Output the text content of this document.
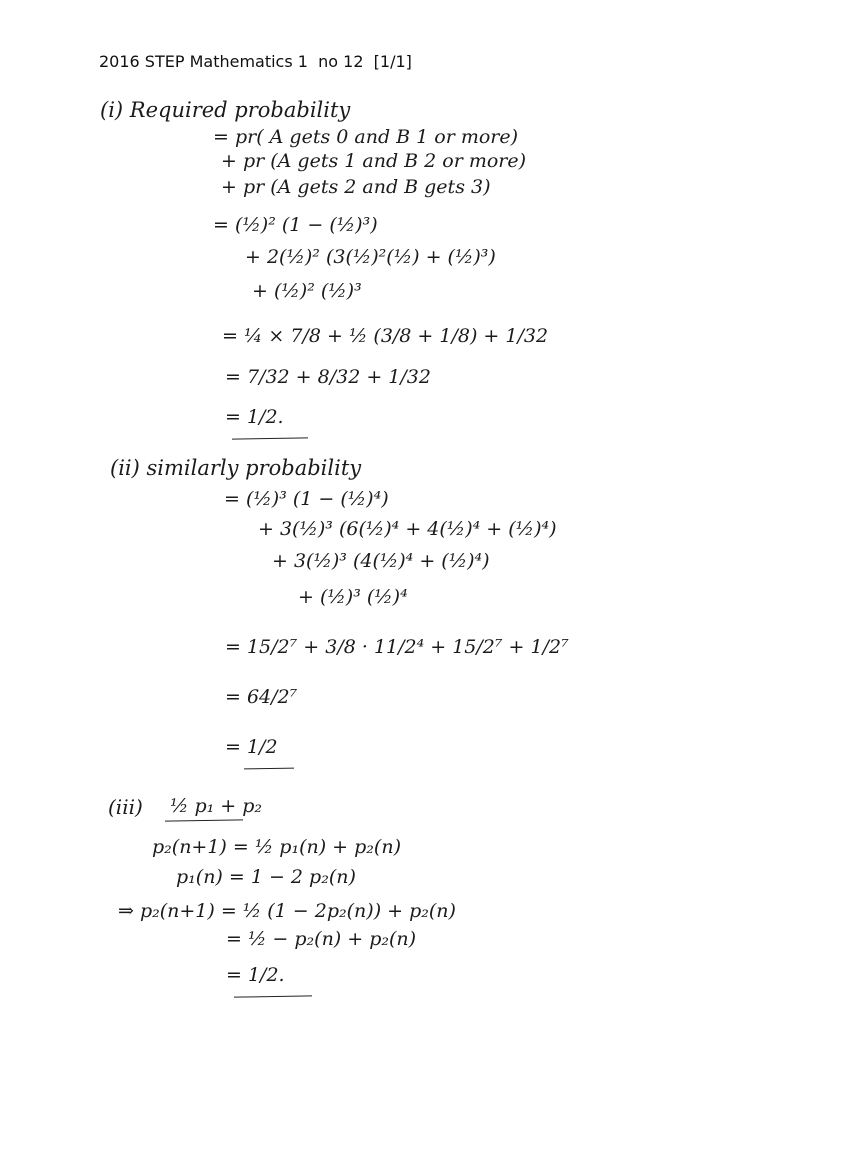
2016 STEP Mathematics 1  no 12  [1/1]
(i) Required probability
= pr( A gets 0 and B 1 or more)
+ pr (A gets 1 and B 2 or more)
+ pr (A gets 2 and B gets 3)
= (½)² (1 − (½)³)
+ 2(½)² (3(½)²(½) + (½)³)
+ (½)² (½)³
= ¼ × 7/8 + ½ (3/8 + 1/8) + 1/32
= 7/32 + 8/32 + 1/32
= 1/2.
(ii) similarly probability
= (½)³ (1 − (½)⁴)
+ 3(½)³ (6(½)⁴ + 4(½)⁴ + (½)⁴)
+ 3(½)³ (4(½)⁴ + (½)⁴)
+ (½)³ (½)⁴
= 15/2⁷ + 3/8 · 11/2⁴ + 15/2⁷ + 1/2⁷
= 64/2⁷
= 1/2
(iii) ½ p₁ + p₂
p₂(n+1) = ½ p₁(n) + p₂(n)
p₁(n) = 1 − 2 p₂(n)
⇒ p₂(n+1) = ½ (1 − 2p₂(n)) + p₂(n)
= ½ − p₂(n) + p₂(n)
= 1/2.
